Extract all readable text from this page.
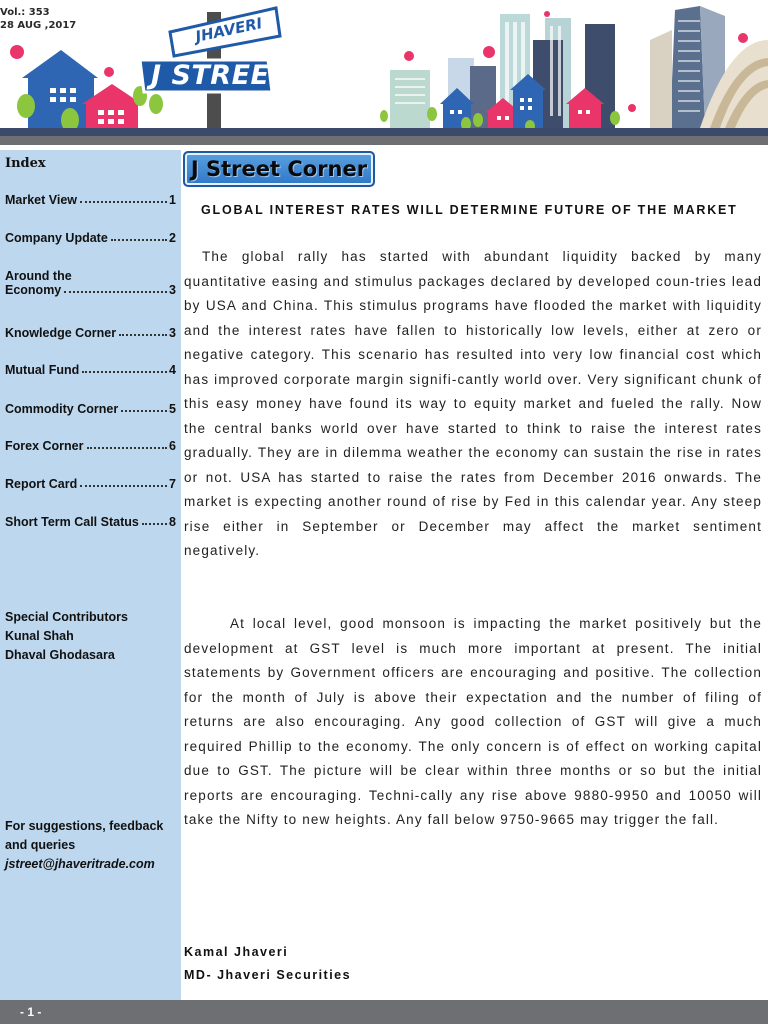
Vol.: 353
28 AUG ,2017	JHAVERI
J STREET
Index
Market View	1
Company Update	2
Around the
Economy	3
Knowledge Corner	3
Mutual Fund	4
Commodity Corner	5
Forex Corner	6
Report Card	7
Short Term Call Status 8
Special Contributors
Kunal Shah
Dhaval Ghodasara
For suggestions, feedback
and queries
jstreet@jhaveritrade.com
J Street Corner
GLOBAL INTEREST RATES WILL DETERMINE FUTURE OF THE MARKET
The global rally has started with abundant liquidity backed by many quantitative easing and stimulus packages declared by developed coun-tries lead by USA and China. This stimulus programs have flooded the market with liquidity and the interest rates have fallen to historically low levels, either at zero or negative category. This scenario has resulted into very low financial cost which has improved corporate margin signifi-cantly world over. Very significant chunk of this easy money have found its way to equity market and fueled the rally. Now the central banks world over have started to think to raise the interest rates gradually. They are in dilemma weather the economy can sustain the rise in rates or not. USA has started to raise the rates from December 2016 onwards. The market is expecting another round of rise by Fed in this calendar year. Any steep rise either in September or December may affect the market sentiment negatively.
At local level, good monsoon is impacting the market positively but the development at GST level is much more important at present. The initial statements by Government officers are encouraging and positive. The collection for the month of July is above their expectation and the number of filing of returns are also encouraging. Any good collection of GST will give a much required Phillip to the economy. The only concern is of effect on working capital due to GST. The picture will be clear within three months or so but the initial reports are encouraging. Techni-cally any rise above 9880-9950 and 10050 will take the Nifty to new heights. Any fall below 9750-9665 may trigger the fall.
Kamal Jhaveri
MD- Jhaveri Securities
- 1 -
